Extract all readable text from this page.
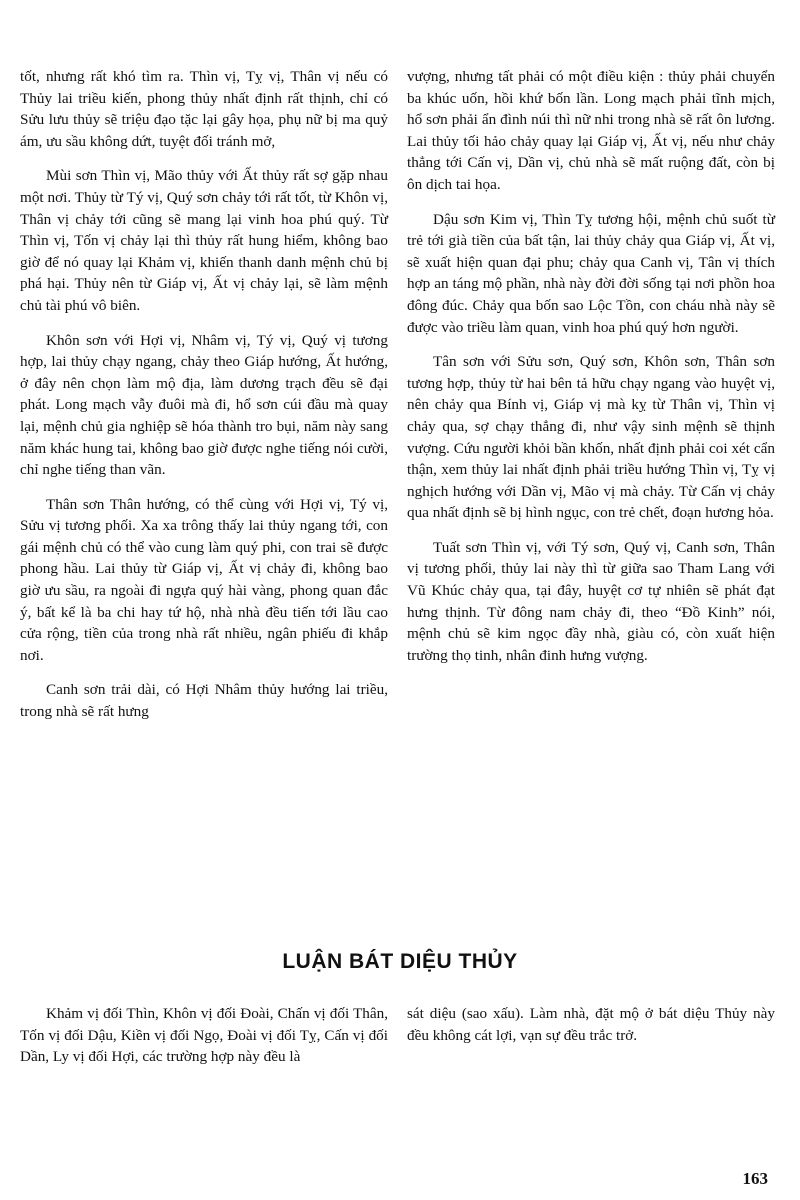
tốt, nhưng rất khó tìm ra. Thìn vị, Tỵ vị, Thân vị nếu có Thủy lai triều kiến, phong thủy nhất định rất thịnh, chỉ có Sửu lưu thủy sẽ triệu đạo tặc lại gây họa, phụ nữ bị ma quỷ ám, ưu sầu không dứt, tuyệt đối tránh mở,

Mùi sơn Thìn vị, Mão thủy với Ất thủy rất sợ gặp nhau một nơi. Thủy từ Tý vị, Quý sơn chảy tới rất tốt, từ Khôn vị, Thân vị chảy tới cũng sẽ mang lại vinh hoa phú quý. Từ Thìn vị, Tốn vị chảy lại thì thủy rất hung hiểm, không bao giờ để nó quay lại Khảm vị, khiến thanh danh mệnh chủ bị phá hại. Thủy nên từ Giáp vị, Ất vị chảy lại, sẽ làm mệnh chủ tài phú vô biên.

Khôn sơn với Hợi vị, Nhâm vị, Tý vị, Quý vị tương hợp, lai thủy chạy ngang, chảy theo Giáp hướng, Ất hướng, ở đây nên chọn làm mộ địa, làm dương trạch đều sẽ đại phát. Long mạch vẫy đuôi mà đi, hổ sơn cúi đầu mà quay lại, mệnh chủ gia nghiệp sẽ hóa thành tro bụi, năm này sang năm khác hung tai, không bao giờ được nghe tiếng nói cười, chỉ nghe tiếng than vãn.

Thân sơn Thân hướng, có thể cùng với Hợi vị, Tý vị, Sửu vị tương phối. Xa xa trông thấy lai thủy ngang tới, con gái mệnh chủ có thể vào cung làm quý phi, con trai sẽ được phong hầu. Lai thủy từ Giáp vị, Ất vị chảy đi, không bao giờ ưu sầu, ra ngoài đi ngựa quý hài vàng, phong quan đắc ý, bất kể là ba chi hay tứ hộ, nhà nhà đều tiến tới lầu cao cửa rộng, tiền của trong nhà rất nhiều, ngân phiếu đi khắp nơi.

Canh sơn trải dài, có Hợi Nhâm thủy hướng lai triều, trong nhà sẽ rất hưng

vượng, nhưng tất phải có một điều kiện : thủy phải chuyển ba khúc uốn, hồi khứ bốn lần. Long mạch phải tĩnh mịch, hổ sơn phải ẩn đình núi thì nữ nhi trong nhà sẽ rất ôn lương. Lai thủy tối hảo chảy quay lại Giáp vị, Ất vị, nếu như chảy thẳng tới Cấn vị, Dần vị, chủ nhà sẽ mất ruộng đất, còn bị ôn dịch tai họa.

Dậu sơn Kim vị, Thìn Tỵ tương hội, mệnh chủ suốt từ trẻ tới già tiền của bất tận, lai thủy chảy qua Giáp vị, Ất vị, sẽ xuất hiện quan đại phu; chảy qua Canh vị, Tân vị thích hợp an táng mộ phần, nhà này đời đời sống tại nơi phồn hoa đông đúc. Chảy qua bốn sao Lộc Tồn, con cháu nhà này sẽ được vào triều làm quan, vinh hoa phú quý hơn người.

Tân sơn với Sửu sơn, Quý sơn, Khôn sơn, Thân sơn tương hợp, thủy từ hai bên tả hữu chạy ngang vào huyệt vị, nên chảy qua Bính vị, Giáp vị mà kỵ từ Thân vị, Thìn vị chảy qua, sợ chạy thẳng đi, như vậy sinh mệnh sẽ thịnh vượng. Cứu người khỏi bần khốn, nhất định phải coi xét cẩn thận, xem thủy lai nhất định phải triều hướng Thìn vị, Tỵ vị nghịch hướng với Dần vị, Mão vị mà chảy. Từ Cấn vị chảy qua nhất định sẽ bị hình ngục, con trẻ chết, đoạn hương hỏa.

Tuất sơn Thìn vị, với Tý sơn, Quý vị, Canh sơn, Thân vị tương phối, thủy lai này thì từ giữa sao Tham Lang với Vũ Khúc chảy qua, tại đây, huyệt cơ tự nhiên sẽ phát đạt hưng thịnh. Từ đông nam chảy đi, theo “Đồ Kinh” nói, mệnh chủ sẽ kim ngọc đầy nhà, giàu có, còn xuất hiện trường thọ tinh, nhân đinh hưng vượng.

LUẬN BÁT DIỆU THỦY

Khảm vị đối Thìn, Khôn vị đối Đoài, Chấn vị đối Thân, Tốn vị đối Dậu, Kiền vị đối Ngọ, Đoài vị đối Tỵ, Cấn vị đối Dần, Ly vị đối Hợi, các trường hợp này đều là

sát diệu (sao xấu). Làm nhà, đặt mộ ở bát diệu Thủy này đều không cát lợi, vạn sự đều trắc trở.

163
